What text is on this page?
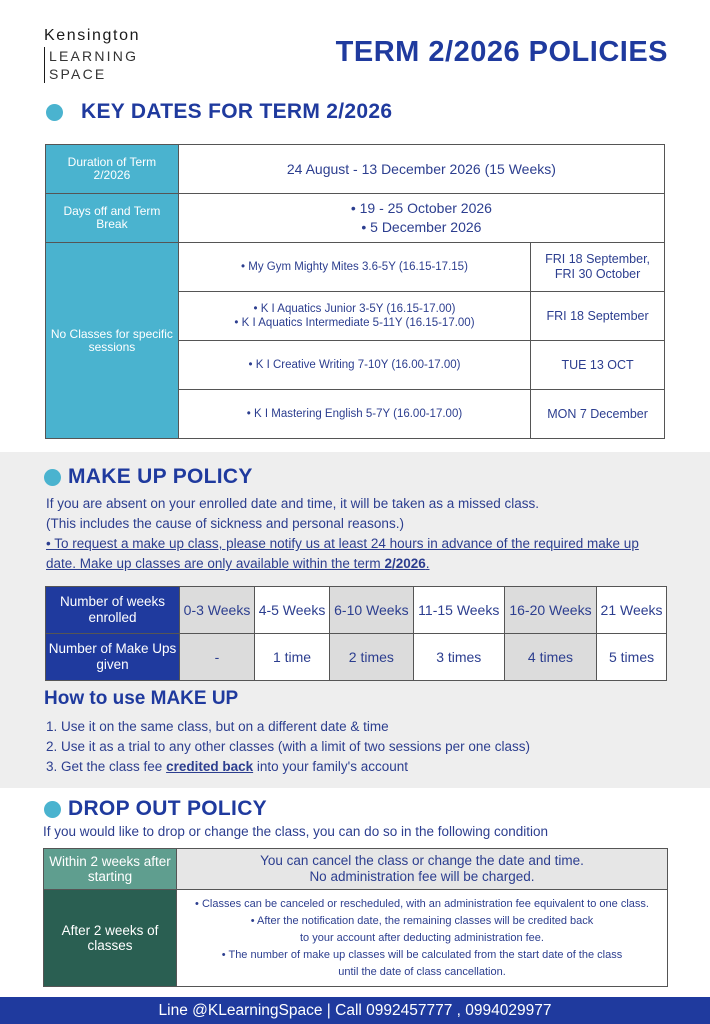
Kensington
LEARNING
SPACE
TERM 2/2026 POLICIES
KEY DATES FOR TERM 2/2026
Duration of Term 2/2026	24 August - 13 December 2026 (15 Weeks)	
Days off and Term Break	• 19 - 25 October 2026
• 5 December 2026	

No Classes for specific sessions	• My Gym Mighty Mites 3.6-5Y (16.15-17.15)	FRI 18 September,
FRI 30 October

	• K I Aquatics Junior 3-5Y (16.15-17.00)
• K I Aquatics Intermediate 5-11Y (16.15-17.00)	FRI 18 September

	• K I Creative Writing 7-10Y (16.00-17.00)	TUE 13 OCT

	• K I Mastering English 5-7Y (16.00-17.00)	MON 7 December
MAKE UP POLICY
If you are absent on your enrolled date and time, it will be taken as a missed class.
(This includes the cause of sickness and personal reasons.)
• To request a make up class, please notify us at least 24 hours in advance of the required make up date. Make up classes are only available within the term 2/2026.
Number of weeks enrolled	0-3 Weeks	4-5 Weeks	6-10 Weeks	11-15 Weeks	16-20 Weeks	21 Weeks
Number of Make Ups given	-	1 time	2 times	3 times	4 times	5 times
How to use MAKE UP
1. Use it on the same class, but on a different date & time
2. Use it as a trial to any other classes (with a limit of two sessions per one class)
3. Get the class fee credited back into your family's account
DROP OUT POLICY
If you would like to drop or change the class, you can do so in the following condition
Within 2 weeks after starting	You can cancel the class or change the date and time.
No administration fee will be charged.

After 2 weeks of classes	• Classes can be canceled or rescheduled, with an administration fee equivalent to one class.
• After the notification date, the remaining classes will be credited back
to your account after deducting administration fee.
• The number of make up classes will be calculated from the start date of the class
until the date of class cancellation.
Line @KLearningSpace | Call 0992457777 , 0994029977
